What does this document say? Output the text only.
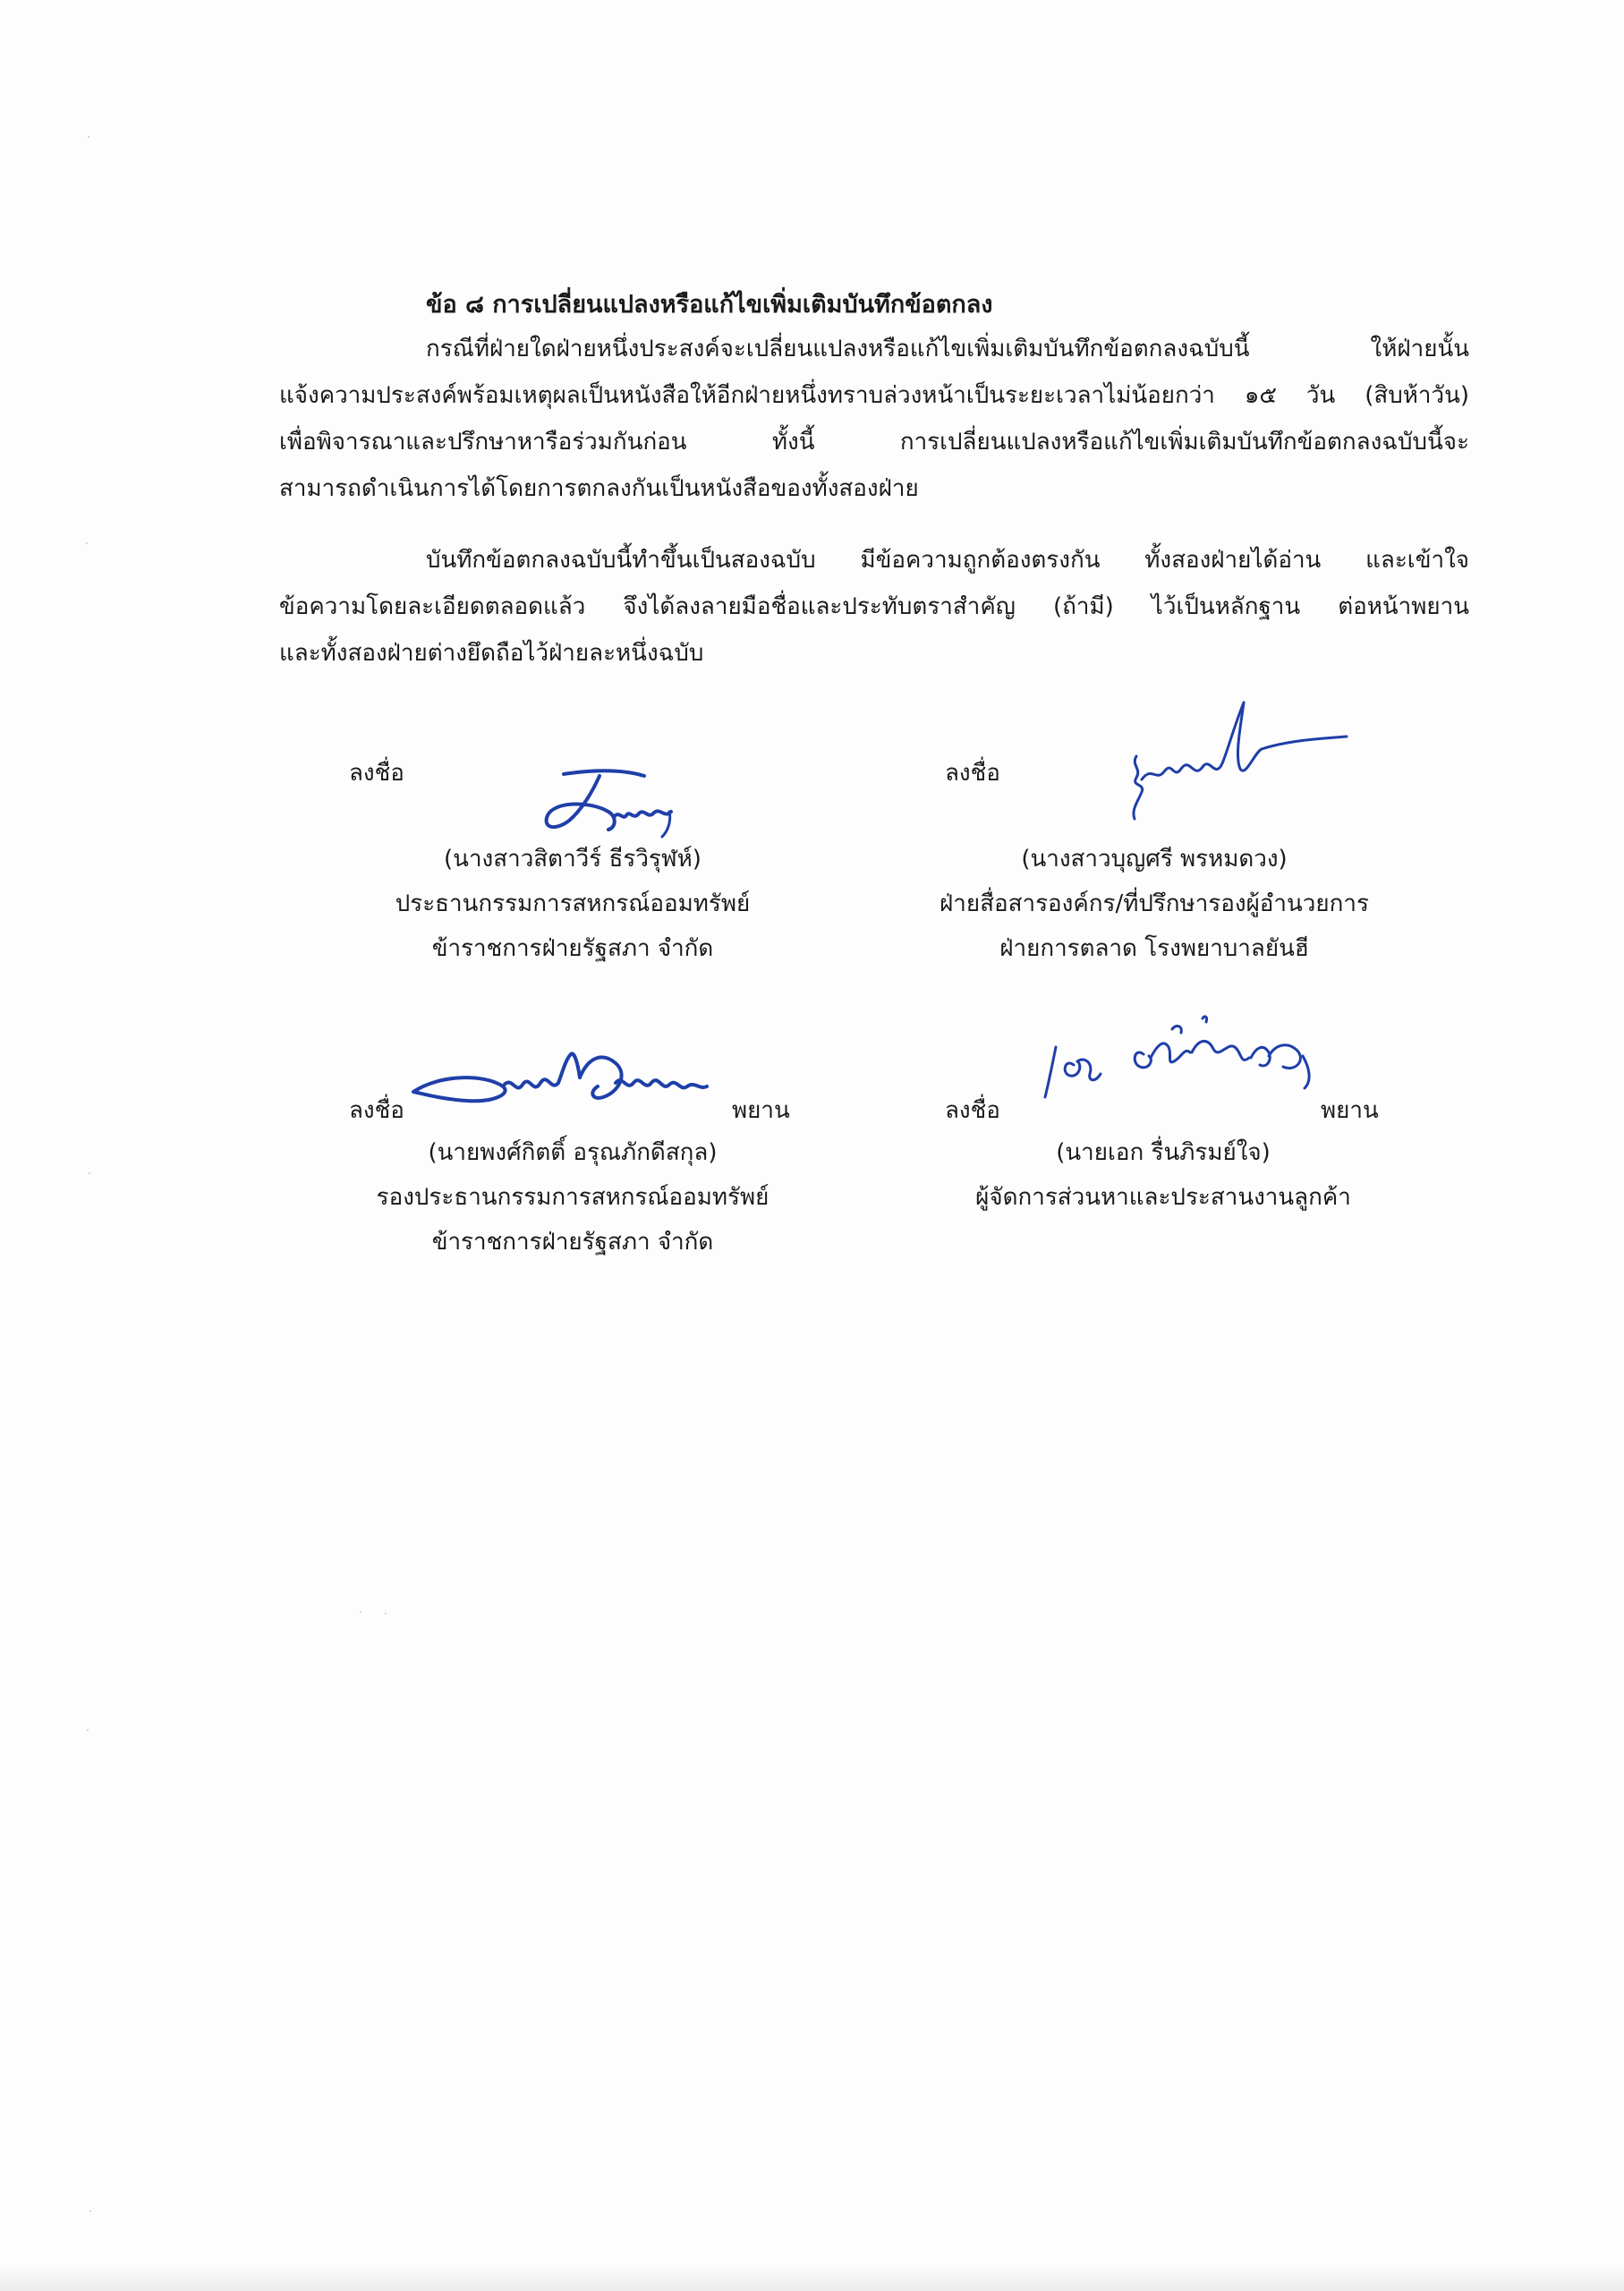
ข้อ ๘ การเปลี่ยนแปลงหรือแก้ไขเพิ่มเติมบันทึกข้อตกลง
กรณีที่ฝ่ายใดฝ่ายหนึ่งประสงค์จะเปลี่ยนแปลงหรือแก้ไขเพิ่มเติมบันทึกข้อตกลงฉบับนี้ ให้ฝ่ายนั้น
แจ้งความประสงค์พร้อมเหตุผลเป็นหนังสือให้อีกฝ่ายหนึ่งทราบล่วงหน้าเป็นระยะเวลาไม่น้อยกว่า ๑๕ วัน (สิบห้าวัน)
เพื่อพิจารณาและปรึกษาหารือร่วมกันก่อน ทั้งนี้ การเปลี่ยนแปลงหรือแก้ไขเพิ่มเติมบันทึกข้อตกลงฉบับนี้จะ
สามารถดำเนินการได้โดยการตกลงกันเป็นหนังสือของทั้งสองฝ่าย
บันทึกข้อตกลงฉบับนี้ทำขึ้นเป็นสองฉบับ มีข้อความถูกต้องตรงกัน ทั้งสองฝ่ายได้อ่าน และเข้าใจ
ข้อความโดยละเอียดตลอดแล้ว จึงได้ลงลายมือชื่อและประทับตราสำคัญ (ถ้ามี) ไว้เป็นหลักฐาน ต่อหน้าพยาน
และทั้งสองฝ่ายต่างยึดถือไว้ฝ่ายละหนึ่งฉบับ
ลงชื่อ
(นางสาวสิตาวีร์ ธีรวิรุฬห์)
ประธานกรรมการสหกรณ์ออมทรัพย์
ข้าราชการฝ่ายรัฐสภา จำกัด
ลงชื่อ
(นางสาวบุญศรี พรหมดวง)
ฝ่ายสื่อสารองค์กร/ที่ปรึกษารองผู้อำนวยการ
ฝ่ายการตลาด โรงพยาบาลยันฮี
ลงชื่อ	พยาน
(นายพงศ์กิตติ์ อรุณภักดีสกุล)
รองประธานกรรมการสหกรณ์ออมทรัพย์
ข้าราชการฝ่ายรัฐสภา จำกัด
ลงชื่อ	พยาน
(นายเอก รื่นภิรมย์ใจ)
ผู้จัดการส่วนหาและประสานงานลูกค้า
